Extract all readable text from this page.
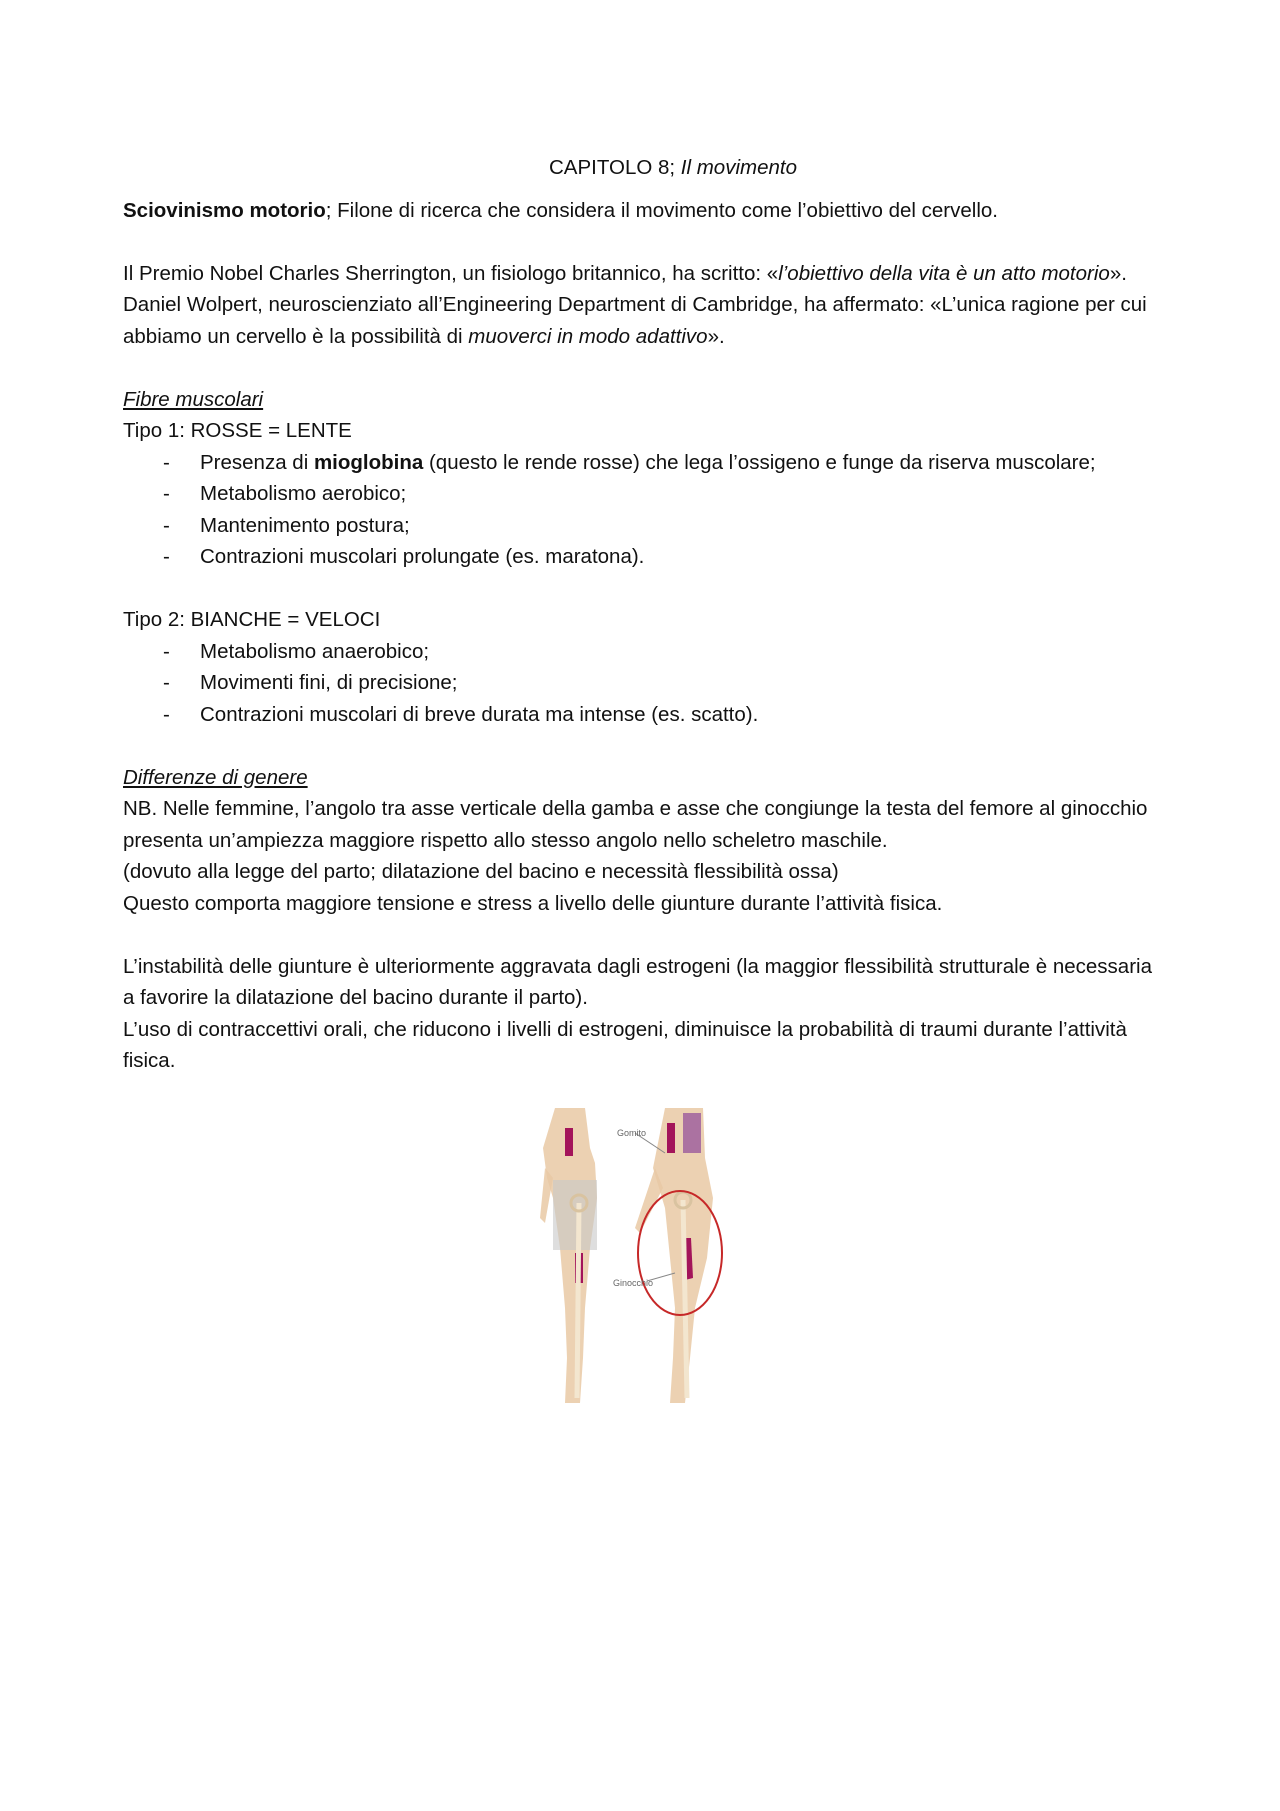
CAPITOLO 8; Il movimento

Sciovinismo motorio; Filone di ricerca che considera il movimento come l’obiettivo del cervello.

Il Premio Nobel Charles Sherrington, un fisiologo britannico, ha scritto: «l’obiettivo della vita è un atto motorio».

Daniel Wolpert, neuroscienziato all’Engineering Department di Cambridge, ha affermato: «L’unica ragione per cui abbiamo un cervello è la possibilità di muoverci in modo adattivo».

Fibre muscolari

Tipo 1: ROSSE = LENTE

- Presenza di mioglobina (questo le rende rosse) che lega l’ossigeno e funge da riserva muscolare;
- Metabolismo aerobico;
- Mantenimento postura;
- Contrazioni muscolari prolungate (es. maratona).

Tipo 2: BIANCHE = VELOCI

- Metabolismo anaerobico;
- Movimenti fini, di precisione;
- Contrazioni muscolari di breve durata ma intense (es. scatto).

Differenze di genere

NB. Nelle femmine, l’angolo tra asse verticale della gamba e asse che congiunge la testa del femore al ginocchio presenta un’ampiezza maggiore rispetto allo stesso angolo nello scheletro maschile.

(dovuto alla legge del parto; dilatazione del bacino e necessità flessibilità ossa)

Questo comporta maggiore tensione e stress a livello delle giunture durante l’attività fisica.

L’instabilità delle giunture è ulteriormente aggravata dagli estrogeni (la maggior flessibilità strutturale è necessaria a favorire la dilatazione del bacino durante il parto).

L’uso di contraccettivi orali, che riducono i livelli di estrogeni, diminuisce la probabilità di traumi durante l’attività fisica.

Gomito
Ginocchio
